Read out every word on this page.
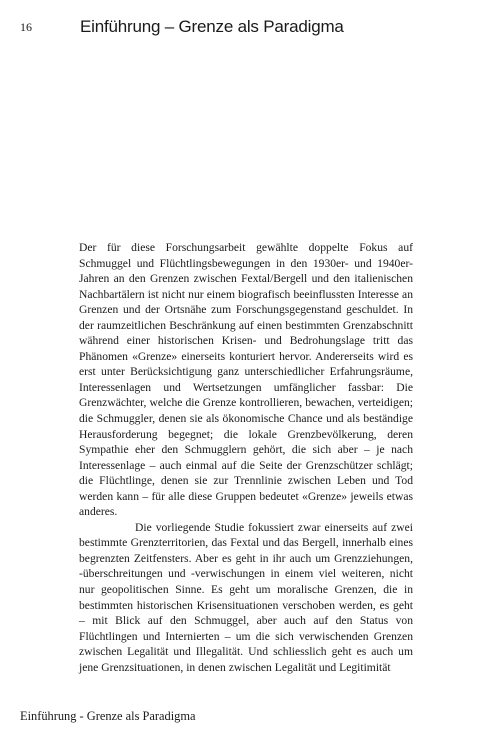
16	Einführung – Grenze als Paradigma

Der für diese Forschungsarbeit gewählte doppelte Fokus auf Schmuggel und Flüchtlingsbewegungen in den 1930er- und 1940er-Jahren an den Grenzen zwischen Fextal/Bergell und den italienischen Nachbartälern ist nicht nur einem biografisch beeinflussten Interesse an Grenzen und der Ortsnähe zum Forschungsgegenstand geschuldet. In der raumzeitlichen Beschränkung auf einen bestimmten Grenzabschnitt während einer historischen Krisen- und Bedrohungslage tritt das Phänomen «Grenze» einerseits konturiert hervor. Andererseits wird es erst unter Berücksichtigung ganz unterschiedlicher Erfahrungsräume, Interessenlagen und Wertsetzungen umfänglicher fassbar: Die Grenzwächter, welche die Grenze kontrollieren, bewachen, verteidigen; die Schmuggler, denen sie als ökonomische Chance und als beständige Herausforderung begegnet; die lokale Grenzbevölkerung, deren Sympathie eher den Schmugglern gehört, die sich aber – je nach Interessenlage – auch einmal auf die Seite der Grenzschützer schlägt; die Flüchtlinge, denen sie zur Trennlinie zwischen Leben und Tod werden kann – für alle diese Gruppen bedeutet «Grenze» jeweils etwas anderes.

Die vorliegende Studie fokussiert zwar einerseits auf zwei bestimmte Grenzterritorien, das Fextal und das Bergell, innerhalb eines begrenzten Zeitfensters. Aber es geht in ihr auch um Grenzziehungen, -überschreitungen und -verwischungen in einem viel weiteren, nicht nur geopolitischen Sinne. Es geht um moralische Grenzen, die in bestimmten historischen Krisensituationen verschoben werden, es geht – mit Blick auf den Schmuggel, aber auch auf den Status von Flüchtlingen und Internierten – um die sich verwischenden Grenzen zwischen Legalität und Illegalität. Und schliesslich geht es auch um jene Grenzsituationen, in denen zwischen Legalität und Legitimität

Einführung - Grenze als Paradigma
